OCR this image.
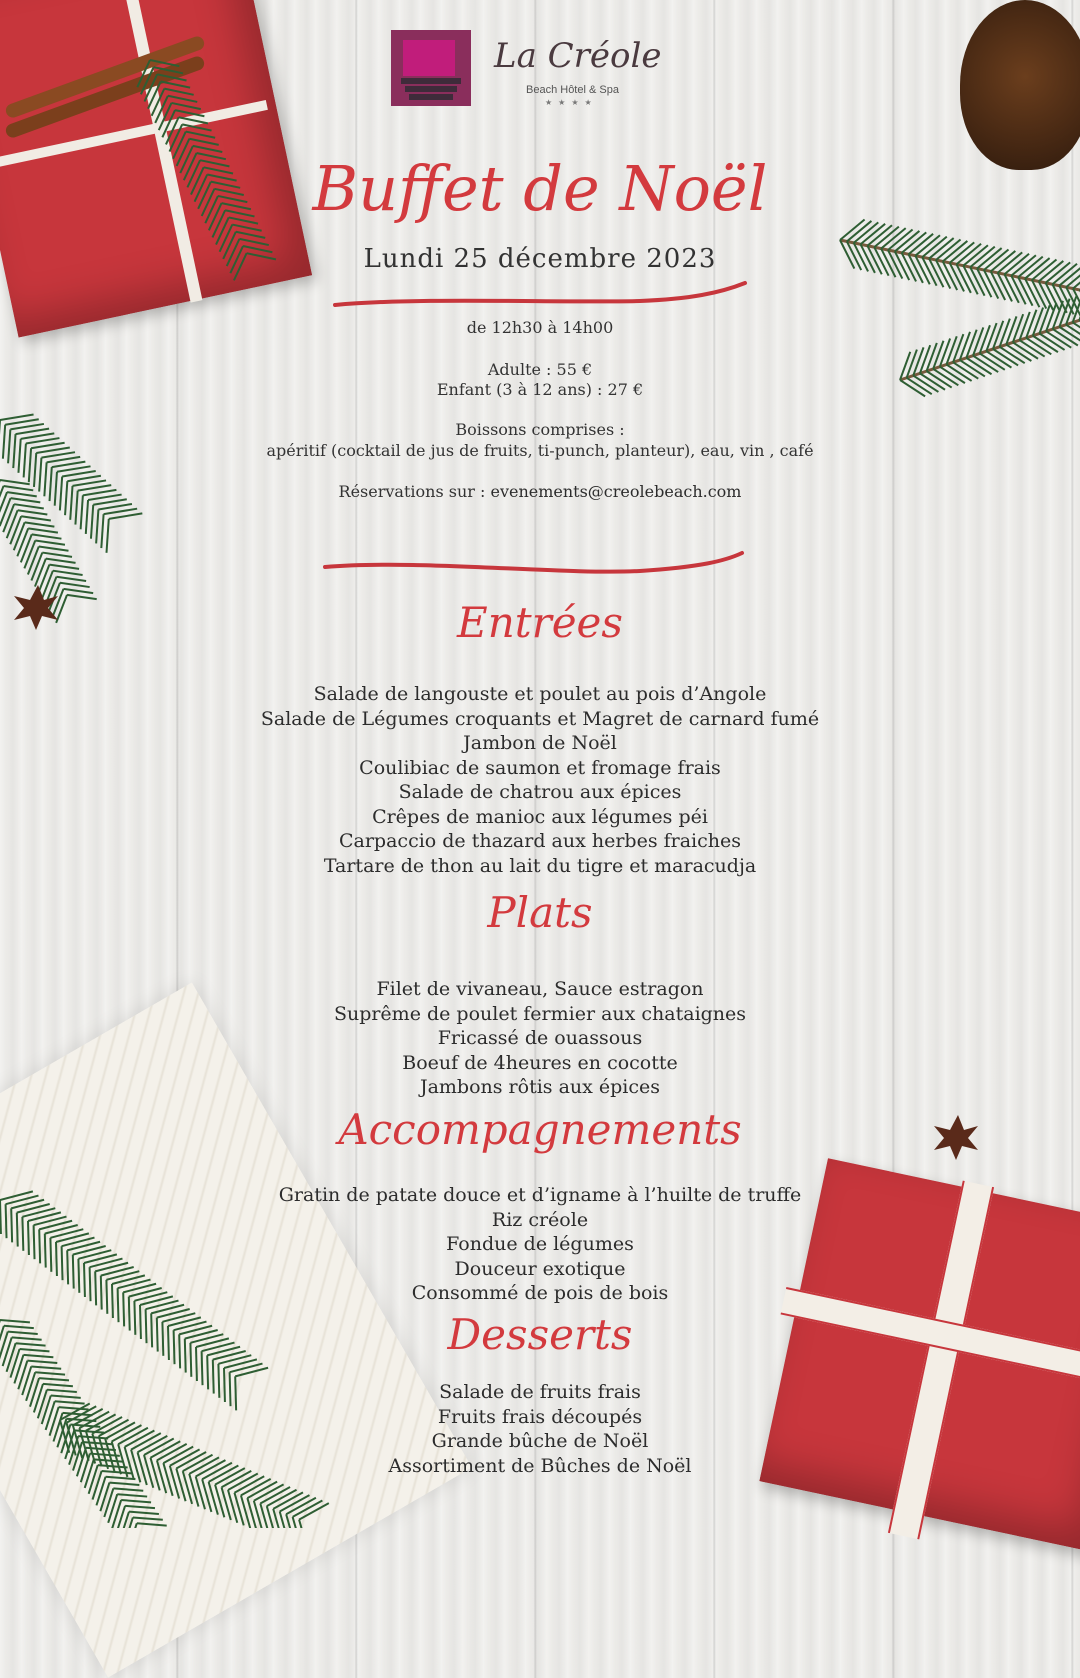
La Créole
Beach Hôtel & Spa
★★★★
Buffet de Noël
Lundi 25 décembre 2023
de 12h30 à 14h00
Adulte : 55 €
Enfant (3 à 12 ans) : 27 €
Boissons comprises :
apéritif (cocktail de jus de fruits, ti-punch, planteur), eau, vin , café
Réservations sur : evenements@creolebeach.com
Entrées
Salade de langouste et poulet au pois d’Angole
Salade de Légumes croquants et Magret de carnard fumé
Jambon de Noël
Coulibiac de saumon et fromage frais
Salade de chatrou aux épices
Crêpes de manioc aux légumes péi
Carpaccio de thazard aux herbes fraiches
Tartare de thon au lait du tigre et maracudja
Plats
Filet de vivaneau, Sauce estragon
Suprême de poulet fermier aux chataignes
Fricassé de ouassous
Boeuf de 4heures en cocotte
Jambons rôtis aux épices
Accompagnements
Gratin de patate douce et d’igname à l’huilte de truffe
Riz créole
Fondue de légumes
Douceur exotique
Consommé de pois de bois
Desserts
Salade de fruits frais
Fruits frais découpés
Grande bûche de Noël
Assortiment de Bûches de Noël
